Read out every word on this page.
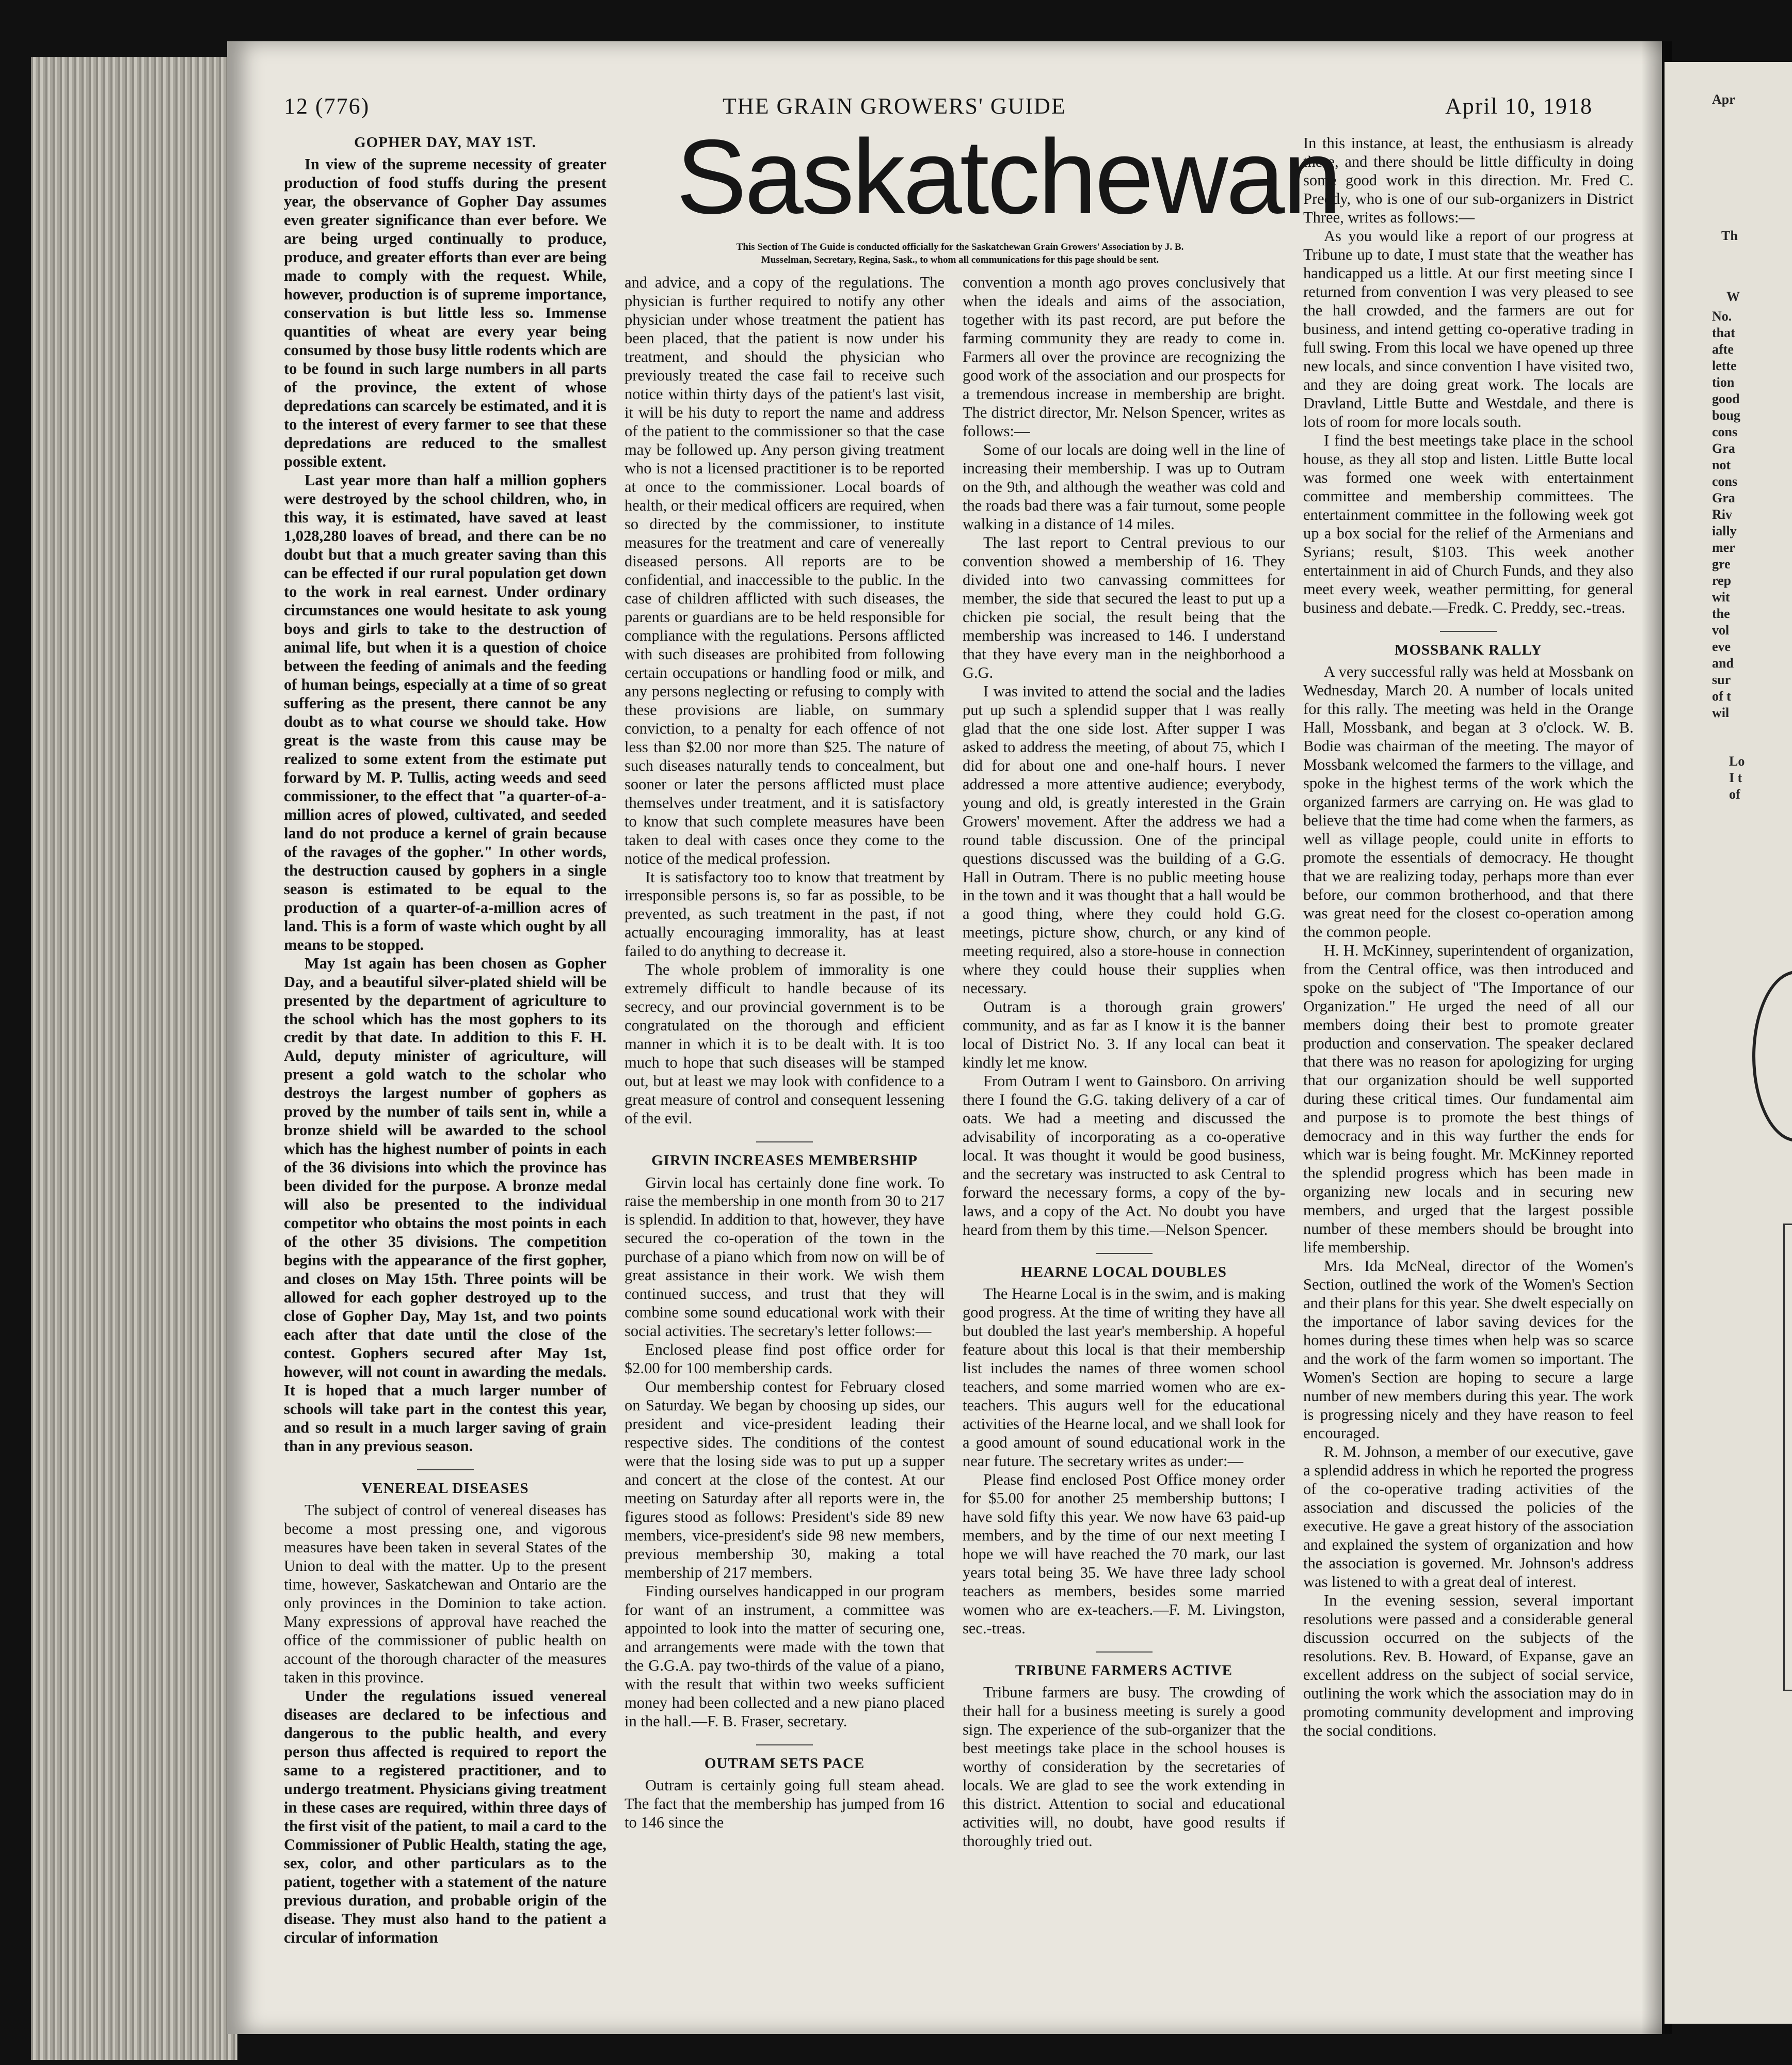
12 (776)	THE GRAIN GROWERS' GUIDE	April 10, 1918
Saskatchewan
This Section of The Guide is conducted officially for the Saskatchewan Grain Growers' Association by J. B. Musselman, Secretary, Regina, Sask., to whom all communications for this page should be sent.
GOPHER DAY, MAY 1ST.

In view of the supreme necessity of greater production of food stuffs during the present year, the observance of Gopher Day assumes even greater significance than ever before. We are being urged continually to produce, produce, and greater efforts than ever are being made to comply with the request. While, however, production is of supreme importance, conservation is but little less so. Immense quantities of wheat are every year being consumed by those busy little rodents which are to be found in such large numbers in all parts of the province, the extent of whose depredations can scarcely be estimated, and it is to the interest of every farmer to see that these depredations are reduced to the smallest possible extent.

Last year more than half a million gophers were destroyed by the school children, who, in this way, it is estimated, have saved at least 1,028,280 loaves of bread, and there can be no doubt but that a much greater saving than this can be effected if our rural population get down to the work in real earnest. Under ordinary circumstances one would hesitate to ask young boys and girls to take to the destruction of animal life, but when it is a question of choice between the feeding of animals and the feeding of human beings, especially at a time of so great suffering as the present, there cannot be any doubt as to what course we should take. How great is the waste from this cause may be realized to some extent from the estimate put forward by M. P. Tullis, acting weeds and seed commissioner, to the effect that "a quarter-of-a-million acres of plowed, cultivated, and seeded land do not produce a kernel of grain because of the ravages of the gopher." In other words, the destruction caused by gophers in a single season is estimated to be equal to the production of a quarter-of-a-million acres of land. This is a form of waste which ought by all means to be stopped.

May 1st again has been chosen as Gopher Day, and a beautiful silver-plated shield will be presented by the department of agriculture to the school which has the most gophers to its credit by that date. In addition to this F. H. Auld, deputy minister of agriculture, will present a gold watch to the scholar who destroys the largest number of gophers as proved by the number of tails sent in, while a bronze shield will be awarded to the school which has the highest number of points in each of the 36 divisions into which the province has been divided for the purpose. A bronze medal will also be presented to the individual competitor who obtains the most points in each of the other 35 divisions. The competition begins with the appearance of the first gopher, and closes on May 15th. Three points will be allowed for each gopher destroyed up to the close of Gopher Day, May 1st, and two points each after that date until the close of the contest. Gophers secured after May 1st, however, will not count in awarding the medals. It is hoped that a much larger number of schools will take part in the contest this year, and so result in a much larger saving of grain than in any previous season.

VENEREAL DISEASES

The subject of control of venereal diseases has become a most pressing one, and vigorous measures have been taken in several States of the Union to deal with the matter. Up to the present time, however, Saskatchewan and Ontario are the only provinces in the Dominion to take action. Many expressions of approval have reached the office of the commissioner of public health on account of the thorough character of the measures taken in this province.

Under the regulations issued venereal diseases are declared to be infectious and dangerous to the public health, and every person thus affected is required to report the same to a registered practitioner, and to undergo treatment. Physicians giving treatment in these cases are required, within three days of the first visit of the patient, to mail a card to the Commissioner of Public Health, stating the age, sex, color, and other particulars as to the patient, together with a statement of the nature previous duration, and probable origin of the disease. They must also hand to the patient a circular of information

and advice, and a copy of the regulations. The physician is further required to notify any other physician under whose treatment the patient has been placed, that the patient is now under his treatment, and should the physician who previously treated the case fail to receive such notice within thirty days of the patient's last visit, it will be his duty to report the name and address of the patient to the commissioner so that the case may be followed up. Any person giving treatment who is not a licensed practitioner is to be reported at once to the commissioner. Local boards of health, or their medical officers are required, when so directed by the commissioner, to institute measures for the treatment and care of venereally diseased persons. All reports are to be confidential, and inaccessible to the public. In the case of children afflicted with such diseases, the parents or guardians are to be held responsible for compliance with the regulations. Persons afflicted with such diseases are prohibited from following certain occupations or handling food or milk, and any persons neglecting or refusing to comply with these provisions are liable, on summary conviction, to a penalty for each offence of not less than $2.00 nor more than $25. The nature of such diseases naturally tends to concealment, but sooner or later the persons afflicted must place themselves under treatment, and it is satisfactory to know that such complete measures have been taken to deal with cases once they come to the notice of the medical profession.

It is satisfactory too to know that treatment by irresponsible persons is, so far as possible, to be prevented, as such treatment in the past, if not actually encouraging immorality, has at least failed to do anything to decrease it.

The whole problem of immorality is one extremely difficult to handle because of its secrecy, and our provincial government is to be congratulated on the thorough and efficient manner in which it is to be dealt with. It is too much to hope that such diseases will be stamped out, but at least we may look with confidence to a great measure of control and consequent lessening of the evil.

GIRVIN INCREASES MEMBERSHIP

Girvin local has certainly done fine work. To raise the membership in one month from 30 to 217 is splendid. In addition to that, however, they have secured the co-operation of the town in the purchase of a piano which from now on will be of great assistance in their work. We wish them continued success, and trust that they will combine some sound educational work with their social activities. The secretary's letter follows:—

Enclosed please find post office order for $2.00 for 100 membership cards.

Our membership contest for February closed on Saturday. We began by choosing up sides, our president and vice-president leading their respective sides. The conditions of the contest were that the losing side was to put up a supper and concert at the close of the contest. At our meeting on Saturday after all reports were in, the figures stood as follows: President's side 89 new members, vice-president's side 98 new members, previous membership 30, making a total membership of 217 members.

Finding ourselves handicapped in our program for want of an instrument, a committee was appointed to look into the matter of securing one, and arrangements were made with the town that the G.G.A. pay two-thirds of the value of a piano, with the result that within two weeks sufficient money had been collected and a new piano placed in the hall.—F. B. Fraser, secretary.

OUTRAM SETS PACE

Outram is certainly going full steam ahead. The fact that the membership has jumped from 16 to 146 since the

convention a month ago proves conclusively that when the ideals and aims of the association, together with its past record, are put before the farming community they are ready to come in. Farmers all over the province are recognizing the good work of the association and our prospects for a tremendous increase in membership are bright. The district director, Mr. Nelson Spencer, writes as follows:—

Some of our locals are doing well in the line of increasing their membership. I was up to Outram on the 9th, and although the weather was cold and the roads bad there was a fair turnout, some people walking in a distance of 14 miles.

The last report to Central previous to our convention showed a membership of 16. They divided into two canvassing committees for member, the side that secured the least to put up a chicken pie social, the result being that the membership was increased to 146. I understand that they have every man in the neighborhood a G.G.

I was invited to attend the social and the ladies put up such a splendid supper that I was really glad that the one side lost. After supper I was asked to address the meeting, of about 75, which I did for about one and one-half hours. I never addressed a more attentive audience; everybody, young and old, is greatly interested in the Grain Growers' movement. After the address we had a round table discussion. One of the principal questions discussed was the building of a G.G. Hall in Outram. There is no public meeting house in the town and it was thought that a hall would be a good thing, where they could hold G.G. meetings, picture show, church, or any kind of meeting required, also a store-house in connection where they could house their supplies when necessary.

Outram is a thorough grain growers' community, and as far as I know it is the banner local of District No. 3. If any local can beat it kindly let me know.

From Outram I went to Gainsboro. On arriving there I found the G.G. taking delivery of a car of oats. We had a meeting and discussed the advisability of incorporating as a co-operative local. It was thought it would be good business, and the secretary was instructed to ask Central to forward the necessary forms, a copy of the by-laws, and a copy of the Act. No doubt you have heard from them by this time.—Nelson Spencer.

HEARNE LOCAL DOUBLES

The Hearne Local is in the swim, and is making good progress. At the time of writing they have all but doubled the last year's membership. A hopeful feature about this local is that their membership list includes the names of three women school teachers, and some married women who are ex-teachers. This augurs well for the educational activities of the Hearne local, and we shall look for a good amount of sound educational work in the near future. The secretary writes as under:—

Please find enclosed Post Office money order for $5.00 for another 25 membership buttons; I have sold fifty this year. We now have 63 paid-up members, and by the time of our next meeting I hope we will have reached the 70 mark, our last years total being 35. We have three lady school teachers as members, besides some married women who are ex-teachers.—F. M. Livingston, sec.-treas.

TRIBUNE FARMERS ACTIVE

Tribune farmers are busy. The crowding of their hall for a business meeting is surely a good sign. The experience of the sub-organizer that the best meetings take place in the school houses is worthy of consideration by the secretaries of locals. We are glad to see the work extending in this district. Attention to social and educational activities will, no doubt, have good results if thoroughly tried out.

In this instance, at least, the enthusiasm is already there, and there should be little difficulty in doing some good work in this direction. Mr. Fred C. Preddy, who is one of our sub-organizers in District Three, writes as follows:—

As you would like a report of our progress at Tribune up to date, I must state that the weather has handicapped us a little. At our first meeting since I returned from convention I was very pleased to see the hall crowded, and the farmers are out for business, and intend getting co-operative trading in full swing. From this local we have opened up three new locals, and since convention I have visited two, and they are doing great work. The locals are Dravland, Little Butte and Westdale, and there is lots of room for more locals south.

I find the best meetings take place in the school house, as they all stop and listen. Little Butte local was formed one week with entertainment committee and membership committees. The entertainment committee in the following week got up a box social for the relief of the Armenians and Syrians; result, $103. This week another entertainment in aid of Church Funds, and they also meet every week, weather permitting, for general business and debate.—Fredk. C. Preddy, sec.-treas.

MOSSBANK RALLY

A very successful rally was held at Mossbank on Wednesday, March 20. A number of locals united for this rally. The meeting was held in the Orange Hall, Mossbank, and began at 3 o'clock. W. B. Bodie was chairman of the meeting. The mayor of Mossbank welcomed the farmers to the village, and spoke in the highest terms of the work which the organized farmers are carrying on. He was glad to believe that the time had come when the farmers, as well as village people, could unite in efforts to promote the essentials of democracy. He thought that we are realizing today, perhaps more than ever before, our common brotherhood, and that there was great need for the closest co-operation among the common people.

H. H. McKinney, superintendent of organization, from the Central office, was then introduced and spoke on the subject of "The Importance of our Organization." He urged the need of all our members doing their best to promote greater production and conservation. The speaker declared that there was no reason for apologizing for urging that our organization should be well supported during these critical times. Our fundamental aim and purpose is to promote the best things of democracy and in this way further the ends for which war is being fought. Mr. McKinney reported the splendid progress which has been made in organizing new locals and in securing new members, and urged that the largest possible number of these members should be brought into life membership.

Mrs. Ida McNeal, director of the Women's Section, outlined the work of the Women's Section and their plans for this year. She dwelt especially on the importance of labor saving devices for the homes during these times when help was so scarce and the work of the farm women so important. The Women's Section are hoping to secure a large number of new members during this year. The work is progressing nicely and they have reason to feel encouraged.

R. M. Johnson, a member of our executive, gave a splendid address in which he reported the progress of the co-operative trading activities of the association and discussed the policies of the executive. He gave a great history of the association and explained the system of organization and how the association is governed. Mr. Johnson's address was listened to with a great deal of interest.

In the evening session, several important resolutions were passed and a considerable general discussion occurred on the subjects of the resolutions. Rev. B. Howard, of Expanse, gave an excellent address on the subject of social service, outlining the work which the association may do in promoting community development and improving the social conditions.

Apr
Th
W
No.
that
afte
lette
tion
good
boug
cons
Gra
not
cons
Gra
Riv
ially
mer
gre
rep
wit
the
vol
eve
and
sur
of t
wil
Lo
I t
of
